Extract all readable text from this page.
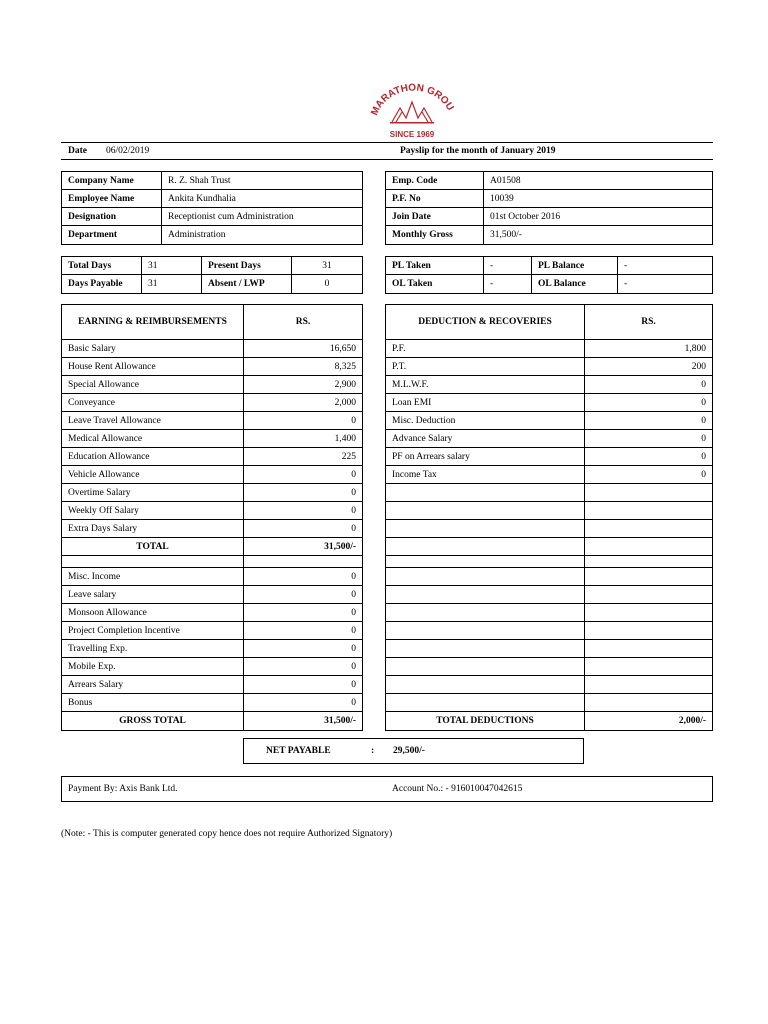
MARATHON GROU
SINCE 1969
Date 06/02/2019	Payslip for the month of January 2019
Company Name	R. Z. Shah Trust
Employee Name	Ankita Kundhalia
Designation	Receptionist cum Administration
Department	Administration
Emp. Code	A01508
P.F. No	10039
Join Date	01st October 2016
Monthly Gross	31,500/-
Total Days	31	Present Days	31
Days Payable	31	Absent / LWP	0
PL Taken	-	PL Balance	-
OL Taken	-	OL Balance	-
EARNING & REIMBURSEMENTS	RS.
Basic Salary	16,650
House Rent Allowance	8,325
Special Allowance	2,900
Conveyance	2,000
Leave Travel Allowance	0
Medical Allowance	1,400
Education Allowance	225
Vehicle Allowance	0
Overtime Salary	0
Weekly Off Salary	0
Extra Days Salary	0
TOTAL	31,500/-

Misc. Income	0
Leave salary	0
Monsoon Allowance	0
Project Completion Incentive	0
Travelling Exp.	0
Mobile Exp.	0
Arrears Salary	0
Bonus	0
GROSS TOTAL	31,500/-
DEDUCTION & RECOVERIES	RS.
P.F.	1,800
P.T.	200
M.L.W.F.	0
Loan EMI	0
Misc. Deduction	0
Advance Salary	0
PF on Arrears salary	0
Income Tax	0

TOTAL DEDUCTIONS	2,000/-
NET PAYABLE	: 29,500/-
Payment By: Axis Bank Ltd.	Account No.: - 916010047042615
(Note: - This is computer generated copy hence does not require Authorized Signatory)
